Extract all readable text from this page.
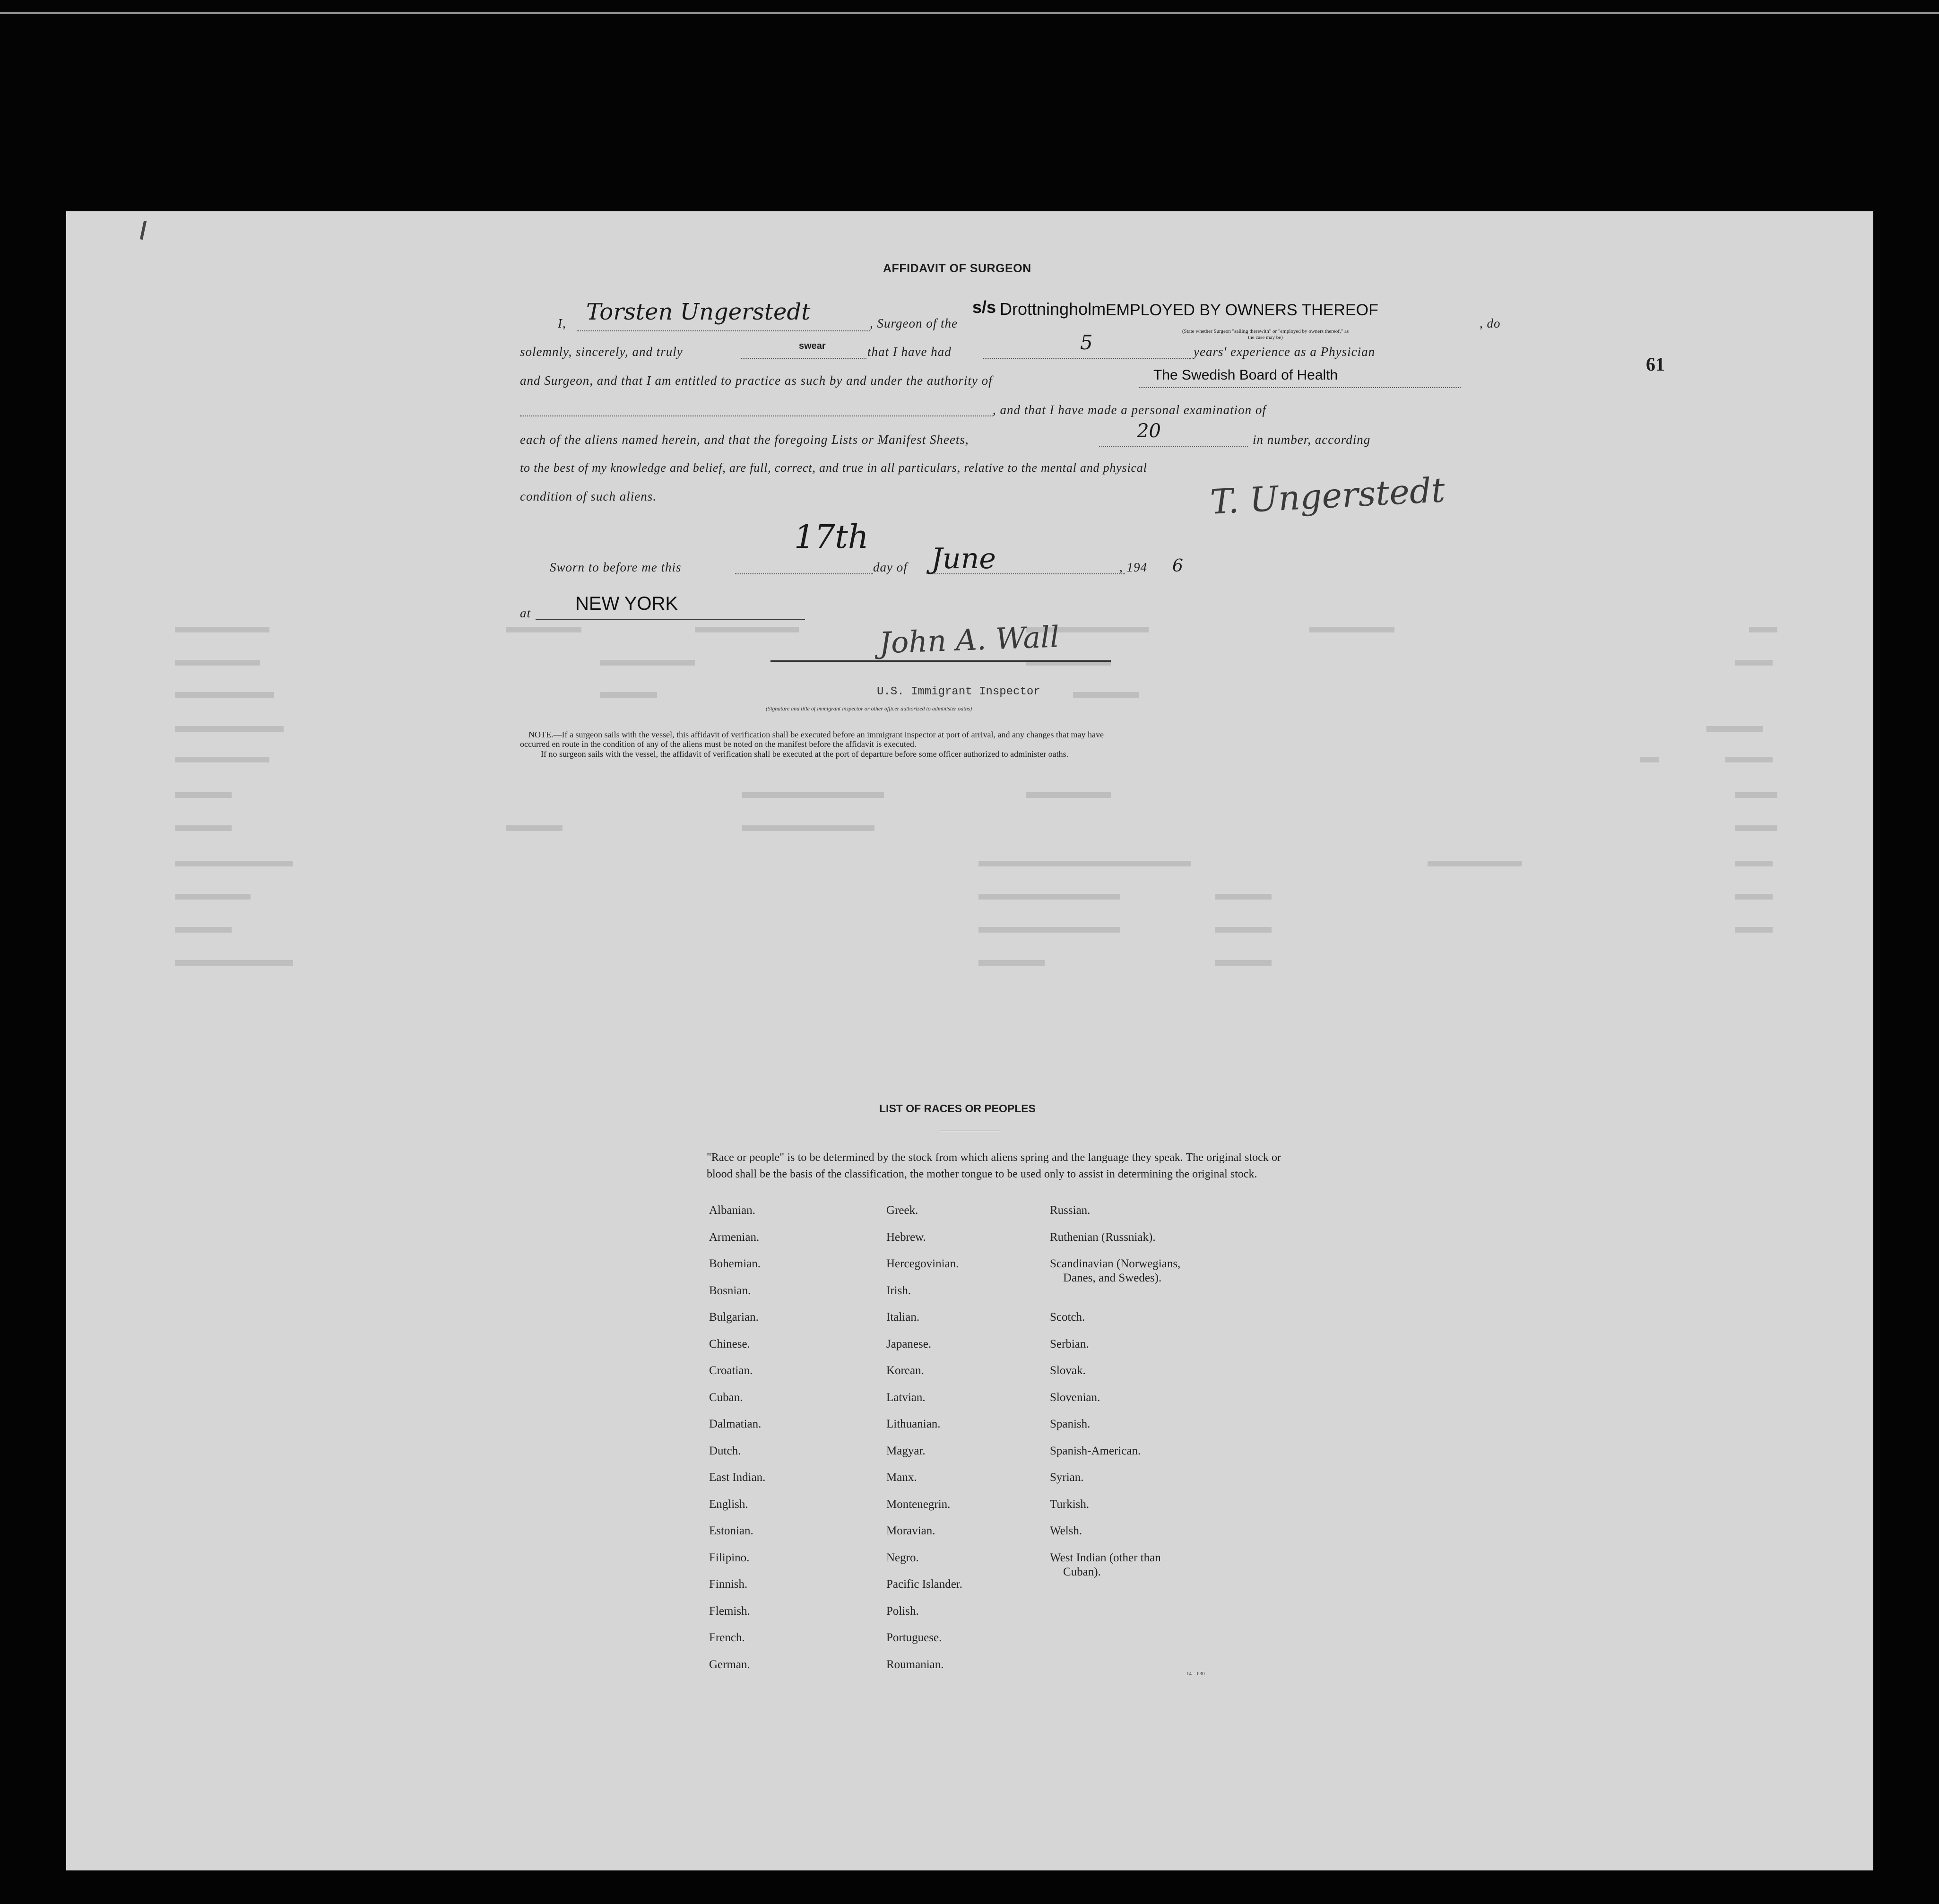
61
AFFIDAVIT OF SURGEON
I, Torsten Ungerstedt	, Surgeon of the
s/s Drottningholm EMPLOYED BY OWNERS THEREOF
, do
(State whether Surgeon "sailing therewith" or "employed by owners thereof," as the case may be)
solemnly, sincerely, and truly	swear	that I have had	5	years' experience as a Physician
and Surgeon, and that I am entitled to practice as such by and under the authority of	The Swedish Board of Health
, and that I have made a personal examination of
each of the aliens named herein, and that the foregoing Lists or Manifest Sheets,	20	in number, according
to the best of my knowledge and belief, are full, correct, and true in all particulars, relative to the mental and physical
condition of such aliens.	T. Ungerstedt
Sworn to before me this
17th
day of June	, 194 6
at NEW YORK
John A. Wall
U.S. Immigrant Inspector
(Signature and title of immigrant inspector or other officer authorized to administer oaths)
NOTE.—If a surgeon sails with the vessel, this affidavit of verification shall be executed before an immigrant inspector at port of arrival, and any changes that may have
occurred en route in the condition of any of the aliens must be noted on the manifest before the affidavit is executed.
If no surgeon sails with the vessel, the affidavit of verification shall be executed at the port of departure before some officer authorized to administer oaths.
LIST OF RACES OR PEOPLES
"Race or people" is to be determined by the stock from which aliens spring and the language they speak. The original stock or blood shall be the basis of the classification, the mother tongue to be used only to assist in determining the original stock.
Albanian.
Armenian.
Bohemian.
Bosnian.
Bulgarian.
Chinese.
Croatian.
Cuban.
Dalmatian.
Dutch.
East Indian.
English.
Estonian.
Filipino.
Finnish.
Flemish.
French.
German.
Greek.
Hebrew.
Hercegovinian.
Irish.
Italian.
Japanese.
Korean.
Latvian.
Lithuanian.
Magyar.
Manx.
Montenegrin.
Moravian.
Negro.
Pacific Islander.
Polish.
Portuguese.
Roumanian.
Russian.
Ruthenian (Russniak).
Scandinavian (Norwegians,
Danes, and Swedes).
Scotch.
Serbian.
Slovak.
Slovenian.
Spanish.
Spanish-American.
Syrian.
Turkish.
Welsh.
West Indian (other than
Cuban).
14—630
